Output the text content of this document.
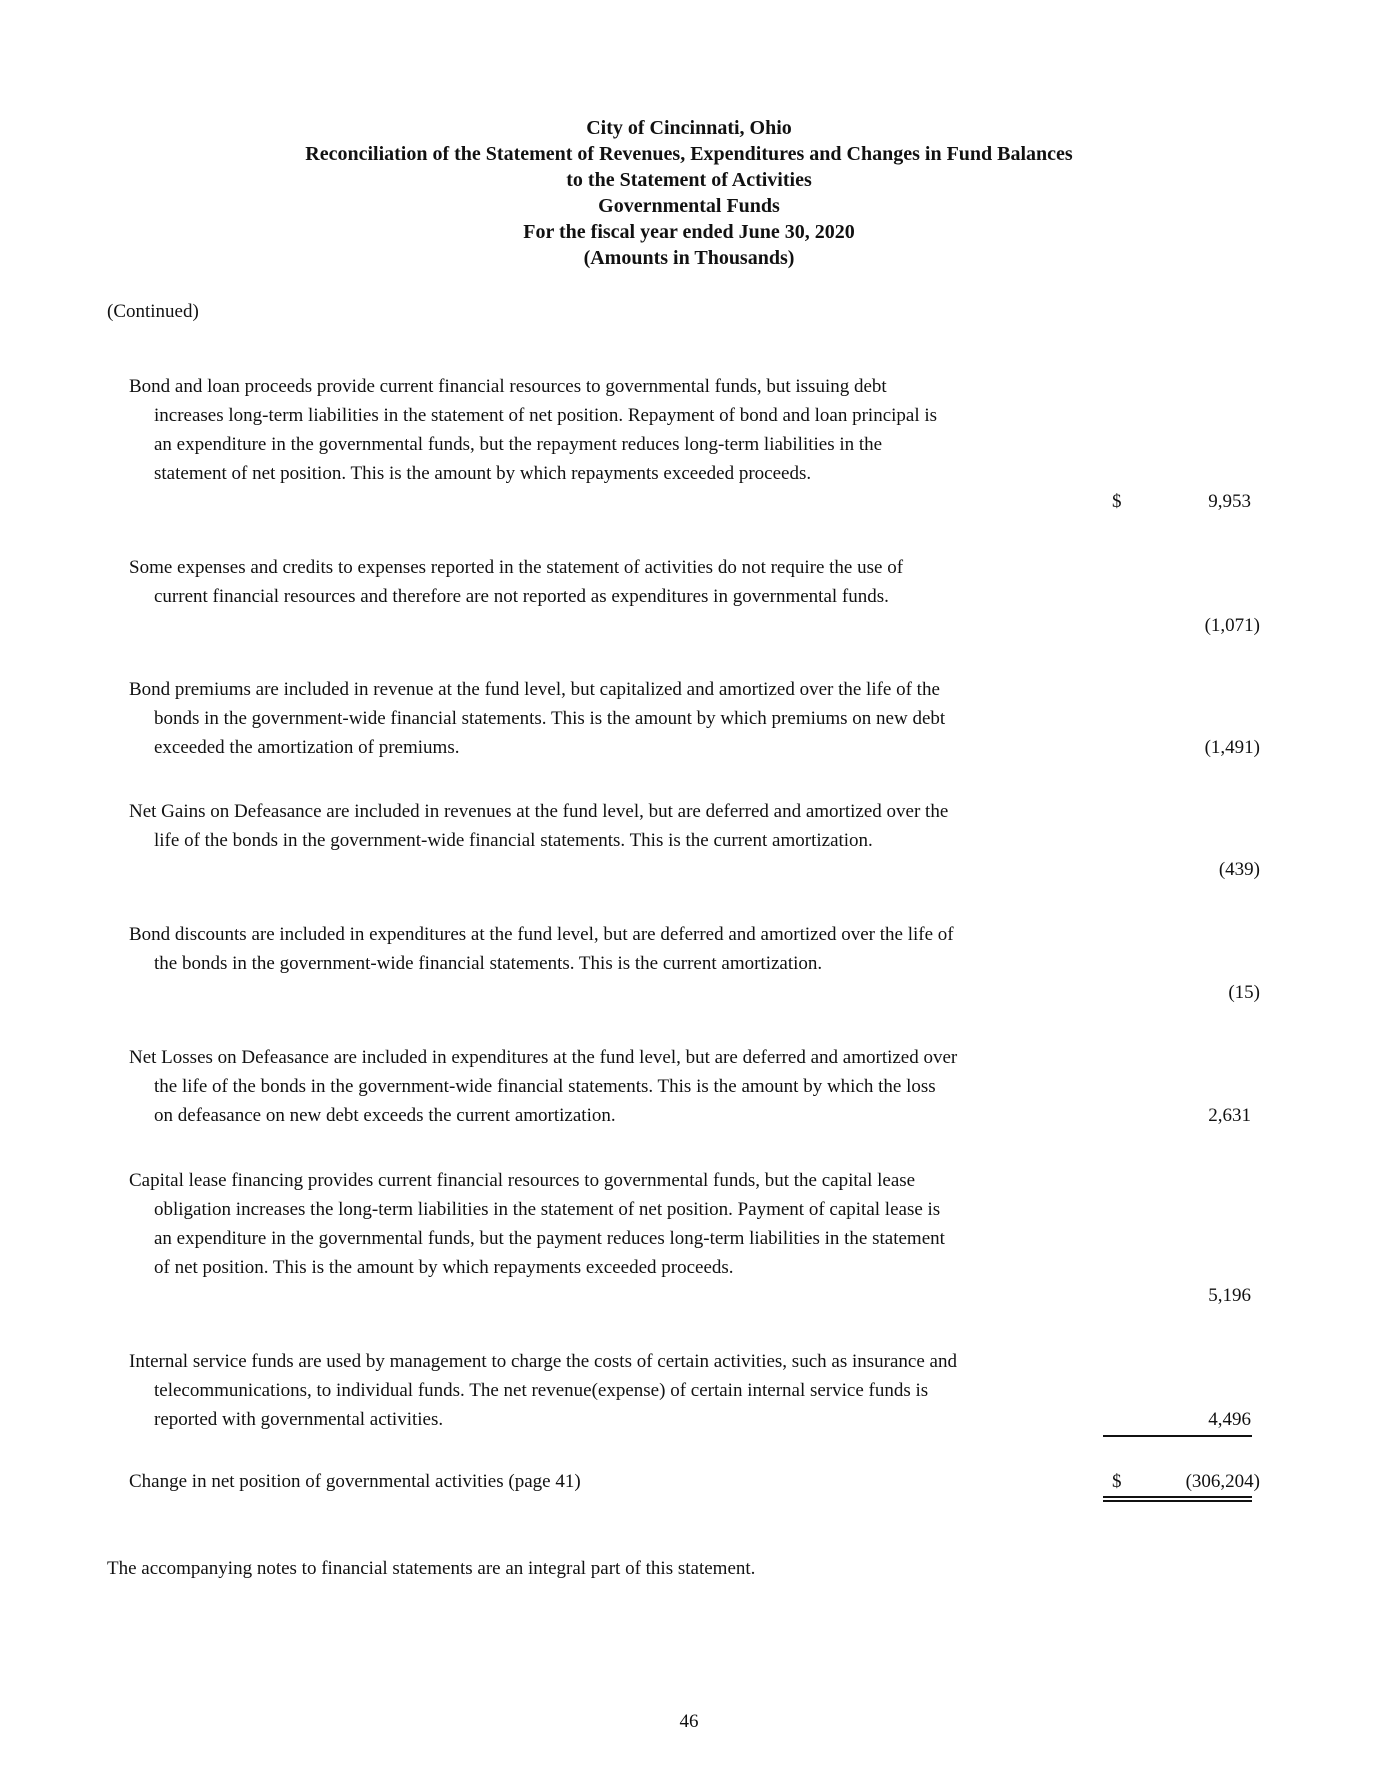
City of Cincinnati, Ohio
Reconciliation of the Statement of Revenues, Expenditures and Changes in Fund Balances
to the Statement of Activities
Governmental Funds
For the fiscal year ended June 30, 2020
(Amounts in Thousands)
(Continued)

Bond and loan proceeds provide current financial resources to governmental funds, but issuing debt increases long-term liabilities in the statement of net position. Repayment of bond and loan principal is an expenditure in the governmental funds, but the repayment reduces long-term liabilities in the statement of net position. This is the amount by which repayments exceeded proceeds.

$	9,953

Some expenses and credits to expenses reported in the statement of activities do not require the use of current financial resources and therefore are not reported as expenditures in governmental funds.

(1,071)

Bond premiums are included in revenue at the fund level, but capitalized and amortized over the life of the bonds in the government-wide financial statements. This is the amount by which premiums on new debt exceeded the amortization of premiums.	(1,491)

Net Gains on Defeasance are included in revenues at the fund level, but are deferred and amortized over the life of the bonds in the government-wide financial statements. This is the current amortization.

(439)

Bond discounts are included in expenditures at the fund level, but are deferred and amortized over the life of the bonds in the government-wide financial statements. This is the current amortization.

(15)

Net Losses on Defeasance are included in expenditures at the fund level, but are deferred and amortized over the life of the bonds in the government-wide financial statements. This is the amount by which the loss on defeasance on new debt exceeds the current amortization.	2,631

Capital lease financing provides current financial resources to governmental funds, but the capital lease obligation increases the long-term liabilities in the statement of net position. Payment of capital lease is an expenditure in the governmental funds, but the payment reduces long-term liabilities in the statement of net position. This is the amount by which repayments exceeded proceeds.

5,196

Internal service funds are used by management to charge the costs of certain activities, such as insurance and telecommunications, to individual funds. The net revenue(expense) of certain internal service funds is reported with governmental activities.	4,496

Change in net position of governmental activities (page 41)	$	(306,204)
The accompanying notes to financial statements are an integral part of this statement.
46
